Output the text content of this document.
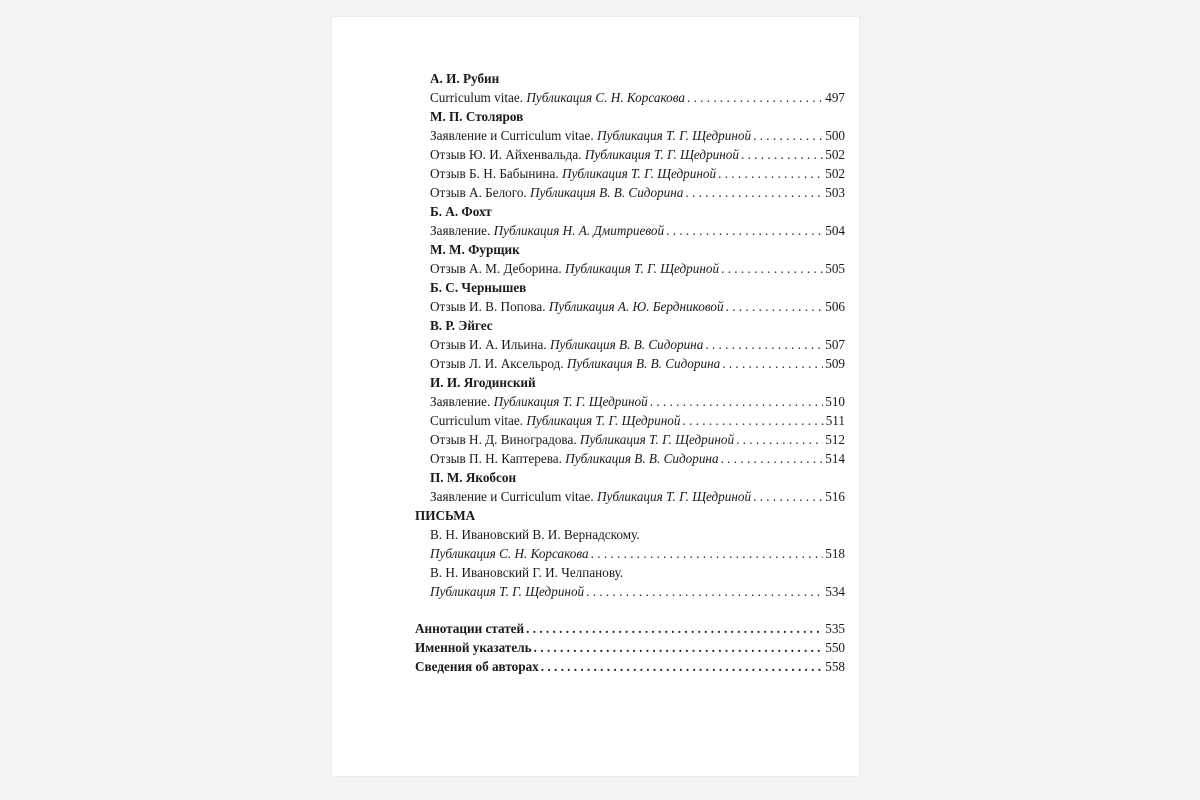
‎ ‎ ‎ ‎ ‎ ‎ ‎ ‎ ‎ ‎ ‎ ‎ ‎ ‎ ‎ ‎ ‎ ‎ ‎ ‎ ‎ ‎

А. И. Рубин
Curriculum vitae. Публикация С. Н. Корсакова . . .	497
М. П. Столяров
Заявление и Curriculum vitae. Публикация Т. Г. Щедриной . . .	500
Отзыв Ю. И. Айхенвальда. Публикация Т. Г. Щедриной . . .	502
Отзыв Б. Н. Бабынина. Публикация Т. Г. Щедриной . . .	502
Отзыв А. Белого. Публикация В. В. Сидорина . . .	503
Б. А. Фохт
Заявление. Публикация Н. А. Дмитриевой . . .	504
М. М. Фурщик
Отзыв А. М. Деборина. Публикация Т. Г. Щедриной . . .	505
Б. С. Чернышев
Отзыв И. В. Попова. Публикация А. Ю. Бердниковой . . .	506
В. Р. Эйгес
Отзыв И. А. Ильина. Публикация В. В. Сидорина . . .	507
Отзыв Л. И. Аксельрод. Публикация В. В. Сидорина . . .	509
И. И. Ягодинский
Заявление. Публикация Т. Г. Щедриной . . .	510
Curriculum vitae. Публикация Т. Г. Щедриной . . .	511
Отзыв Н. Д. Виноградова. Публикация Т. Г. Щедриной . . .	512
Отзыв П. Н. Каптерева. Публикация В. В. Сидорина . . .	514
П. М. Якобсон
Заявление и Curriculum vitae. Публикация Т. Г. Щедриной . . .	516
ПИСЬМА
В. Н. Ивановский В. И. Вернадскому.
Публикация С. Н. Корсакова . . .	518
В. Н. Ивановский Г. И. Челпанову.
Публикация Т. Г. Щедриной . . .	534
Аннотации статей . . .	535
Именной указатель . . .	550
Сведения об авторах . . .	558
